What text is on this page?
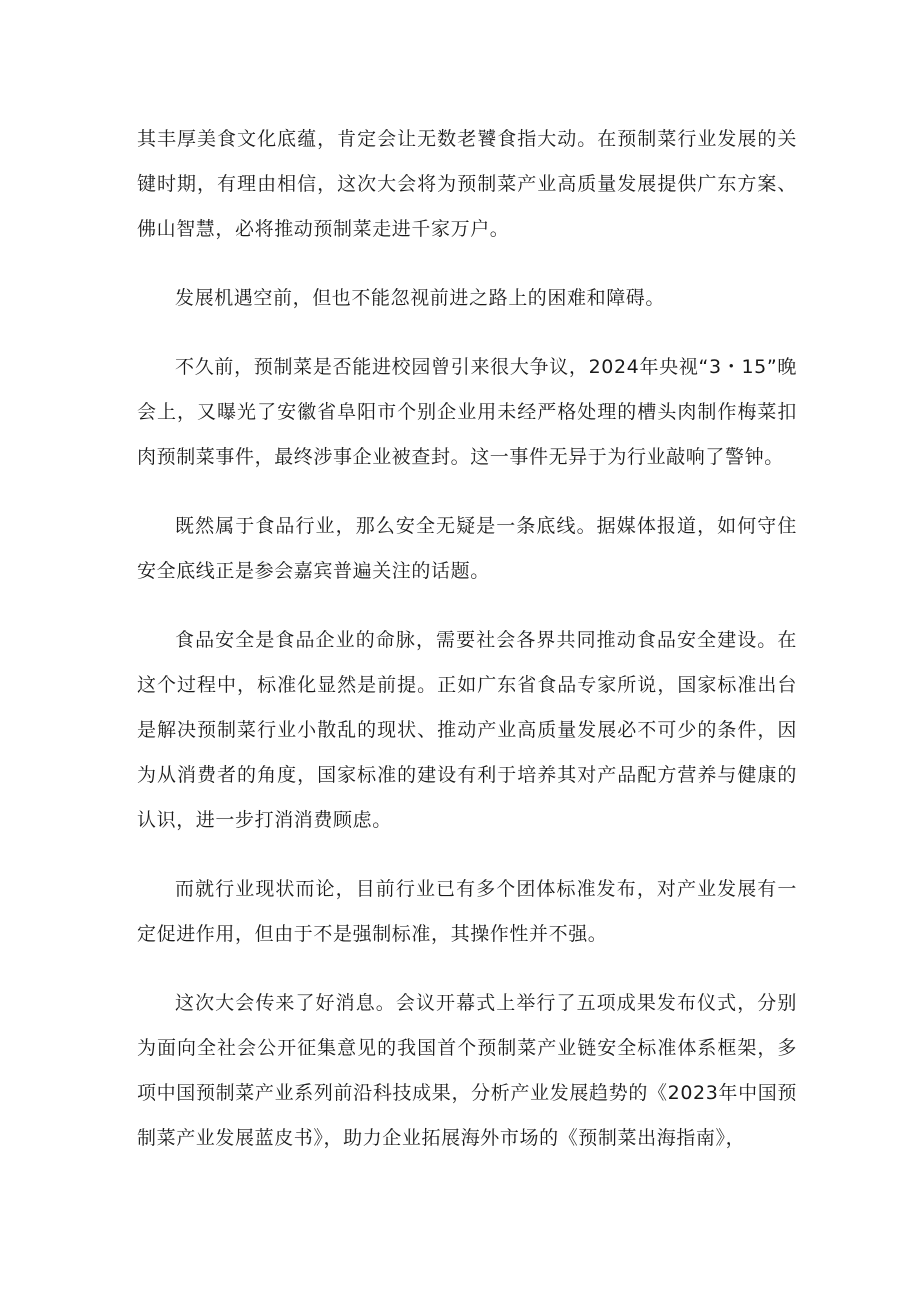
其丰厚美食文化底蕴，肯定会让无数老饕食指大动。在预制菜行业发展的关键时期，有理由相信，这次大会将为预制菜产业高质量发展提供广东方案、佛山智慧，必将推动预制菜走进千家万户。

发展机遇空前，但也不能忽视前进之路上的困难和障碍。

不久前，预制菜是否能进校园曾引来很大争议，2024年央视“3・15”晚会上，又曝光了安徽省阜阳市个别企业用未经严格处理的槽头肉制作梅菜扣肉预制菜事件，最终涉事企业被查封。这一事件无异于为行业敲响了警钟。

既然属于食品行业，那么安全无疑是一条底线。据媒体报道，如何守住安全底线正是参会嘉宾普遍关注的话题。

食品安全是食品企业的命脉，需要社会各界共同推动食品安全建设。在这个过程中，标准化显然是前提。正如广东省食品专家所说，国家标准出台是解决预制菜行业小散乱的现状、推动产业高质量发展必不可少的条件，因为从消费者的角度，国家标准的建设有利于培养其对产品配方营养与健康的认识，进一步打消消费顾虑。

而就行业现状而论，目前行业已有多个团体标准发布，对产业发展有一定促进作用，但由于不是强制标准，其操作性并不强。

这次大会传来了好消息。会议开幕式上举行了五项成果发布仪式，分别为面向全社会公开征集意见的我国首个预制菜产业链安全标准体系框架，多项中国预制菜产业系列前沿科技成果，分析产业发展趋势的《2023年中国预制菜产业发展蓝皮书》，助力企业拓展海外市场的《预制菜出海指南》，
